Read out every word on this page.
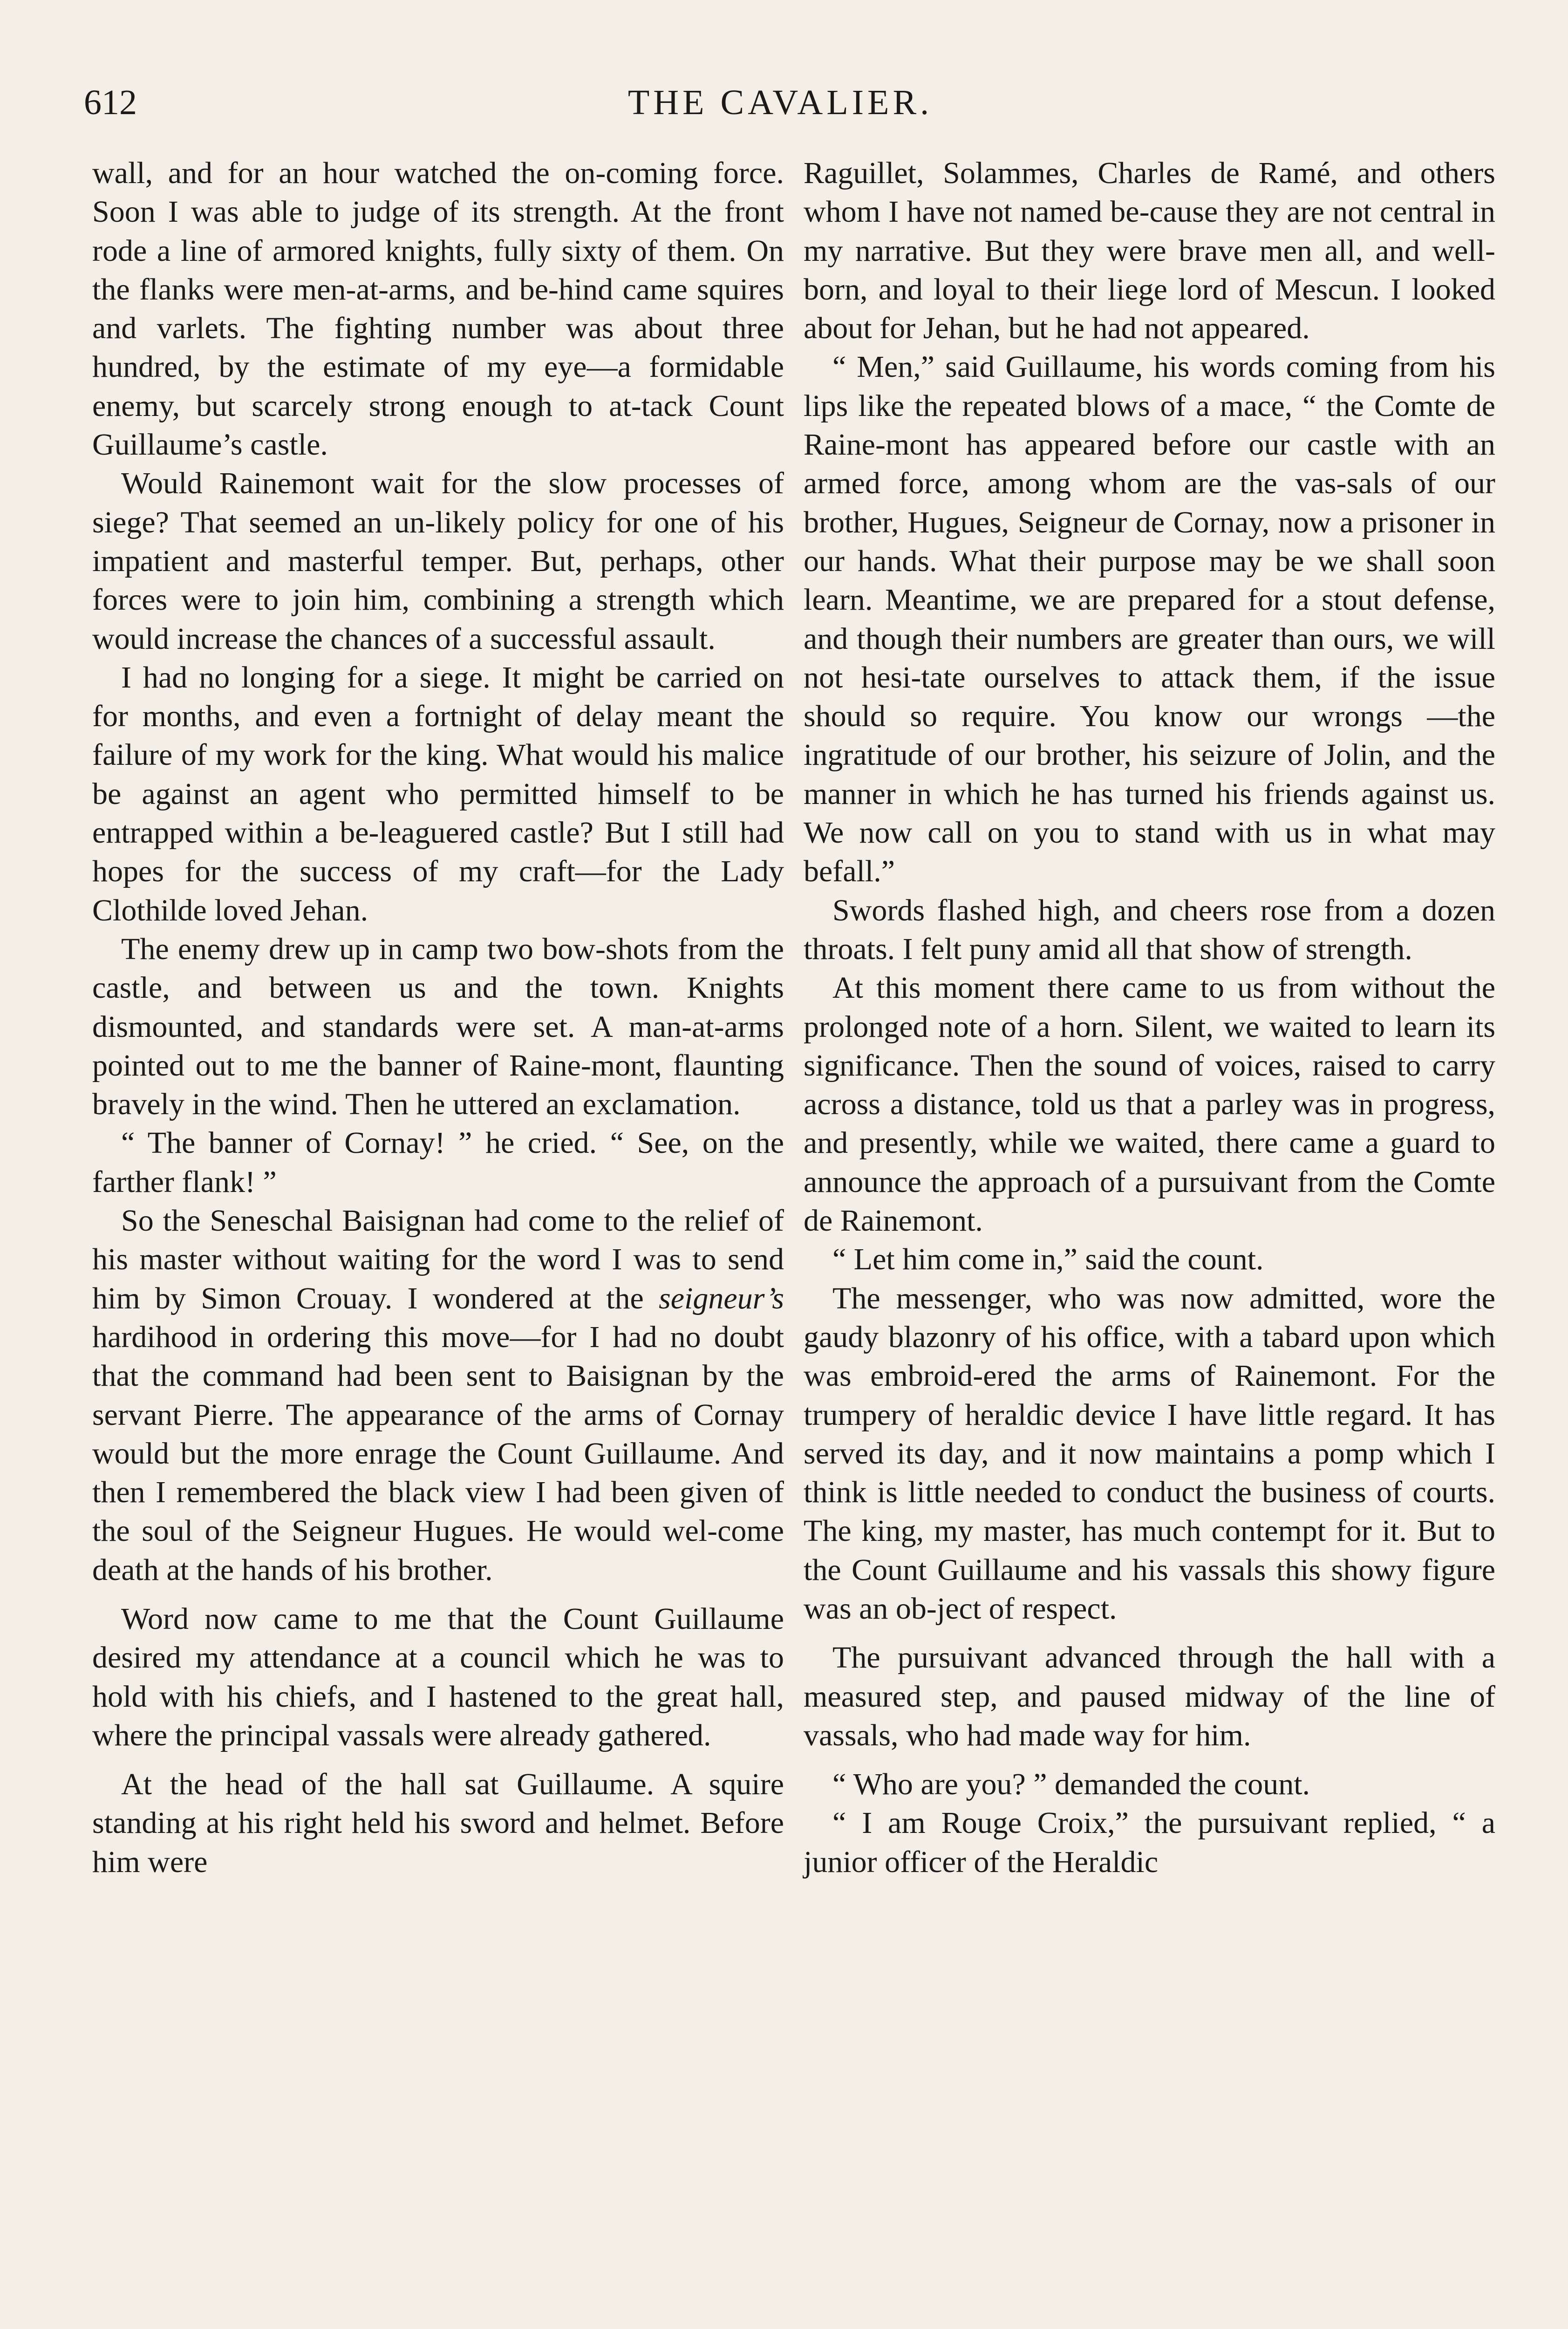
612	THE CAVALIER.

wall, and for an hour watched the on-coming force. Soon I was able to judge of its strength. At the front rode a line of armored knights, fully sixty of them. On the flanks were men-at-arms, and be-hind came squires and varlets. The fighting number was about three hundred, by the estimate of my eye—a formidable enemy, but scarcely strong enough to at-tack Count Guillaume’s castle.

Would Rainemont wait for the slow processes of siege? That seemed an un-likely policy for one of his impatient and masterful temper. But, perhaps, other forces were to join him, combining a strength which would increase the chances of a successful assault.

I had no longing for a siege. It might be carried on for months, and even a fortnight of delay meant the failure of my work for the king. What would his malice be against an agent who permitted himself to be entrapped within a be-leaguered castle? But I still had hopes for the success of my craft—for the Lady Clothilde loved Jehan.

The enemy drew up in camp two bow-shots from the castle, and between us and the town. Knights dismounted, and standards were set. A man-at-arms pointed out to me the banner of Raine-mont, flaunting bravely in the wind. Then he uttered an exclamation.

“ The banner of Cornay! ” he cried. “ See, on the farther flank! ”

So the Seneschal Baisignan had come to the relief of his master without waiting for the word I was to send him by Simon Crouay. I wondered at the seigneur’s hardihood in ordering this move—for I had no doubt that the command had been sent to Baisignan by the servant Pierre. The appearance of the arms of Cornay would but the more enrage the Count Guillaume. And then I remembered the black view I had been given of the soul of the Seigneur Hugues. He would wel-come death at the hands of his brother.

Word now came to me that the Count Guillaume desired my attendance at a council which he was to hold with his chiefs, and I hastened to the great hall, where the principal vassals were already gathered.

At the head of the hall sat Guillaume. A squire standing at his right held his sword and helmet. Before him were

Raguillet, Solammes, Charles de Ramé, and others whom I have not named be-cause they are not central in my narrative. But they were brave men all, and well-born, and loyal to their liege lord of Mescun. I looked about for Jehan, but he had not appeared.

“ Men,” said Guillaume, his words coming from his lips like the repeated blows of a mace, “ the Comte de Raine-mont has appeared before our castle with an armed force, among whom are the vas-sals of our brother, Hugues, Seigneur de Cornay, now a prisoner in our hands. What their purpose may be we shall soon learn. Meantime, we are prepared for a stout defense, and though their numbers are greater than ours, we will not hesi-tate ourselves to attack them, if the issue should so require. You know our wrongs —the ingratitude of our brother, his seizure of Jolin, and the manner in which he has turned his friends against us. We now call on you to stand with us in what may befall.”

Swords flashed high, and cheers rose from a dozen throats. I felt puny amid all that show of strength.

At this moment there came to us from without the prolonged note of a horn. Silent, we waited to learn its significance. Then the sound of voices, raised to carry across a distance, told us that a parley was in progress, and presently, while we waited, there came a guard to announce the approach of a pursuivant from the Comte de Rainemont.

“ Let him come in,” said the count.

The messenger, who was now admitted, wore the gaudy blazonry of his office, with a tabard upon which was embroid-ered the arms of Rainemont. For the trumpery of heraldic device I have little regard. It has served its day, and it now maintains a pomp which I think is little needed to conduct the business of courts. The king, my master, has much contempt for it. But to the Count Guillaume and his vassals this showy figure was an ob-ject of respect.

The pursuivant advanced through the hall with a measured step, and paused midway of the line of vassals, who had made way for him.

“ Who are you? ” demanded the count.

“ I am Rouge Croix,” the pursuivant replied, “ a junior officer of the Heraldic
